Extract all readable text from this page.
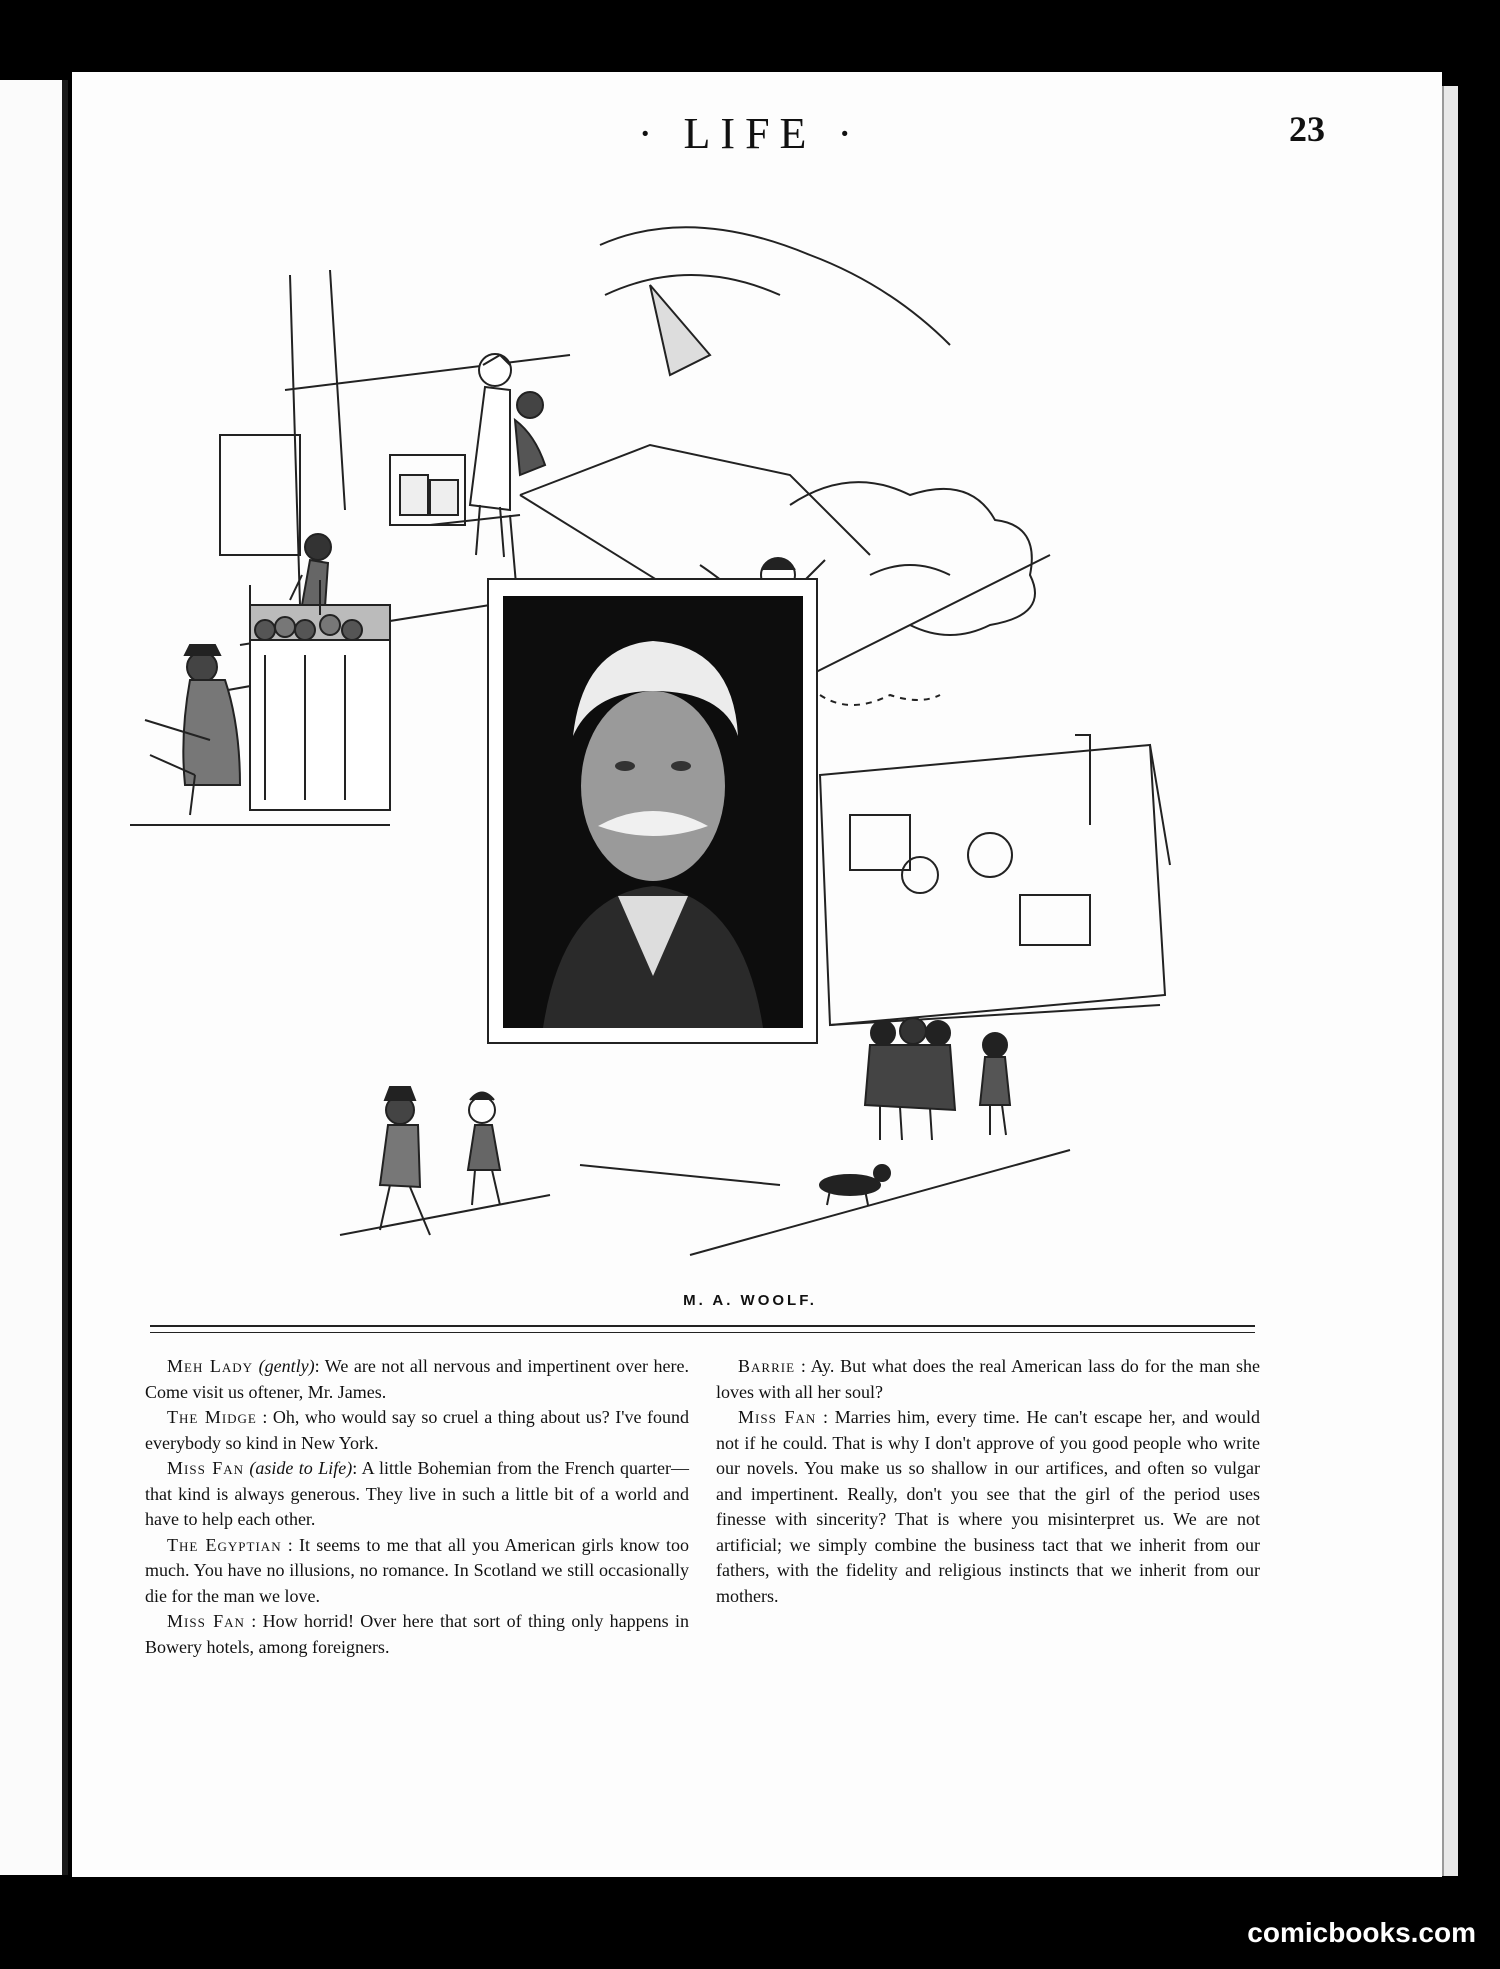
· LIFE ·	23
M. A. WOOLF.

Meh Lady (gently): We are not all nervous and impertinent over here. Come visit us oftener, Mr. James.

The Midge : Oh, who would say so cruel a thing about us? I've found everybody so kind in New York.

Miss Fan (aside to Life): A little Bohemian from the French quarter—that kind is always generous. They live in such a little bit of a world and have to help each other.

The Egyptian : It seems to me that all you American girls know too much. You have no illusions, no romance. In Scotland we still occasionally die for the man we love.

Miss Fan : How horrid! Over here that sort of thing only happens in Bowery hotels, among foreigners.

Barrie : Ay. But what does the real American lass do for the man she loves with all her soul?

Miss Fan : Marries him, every time. He can't escape her, and would not if he could. That is why I don't approve of you good people who write our novels. You make us so shallow in our artifices, and often so vulgar and impertinent. Really, don't you see that the girl of the period uses finesse with sincerity? That is where you misinterpret us. We are not artificial; we simply combine the business tact that we inherit from our fathers, with the fidelity and religious instincts that we inherit from our mothers.

comicbooks.com
